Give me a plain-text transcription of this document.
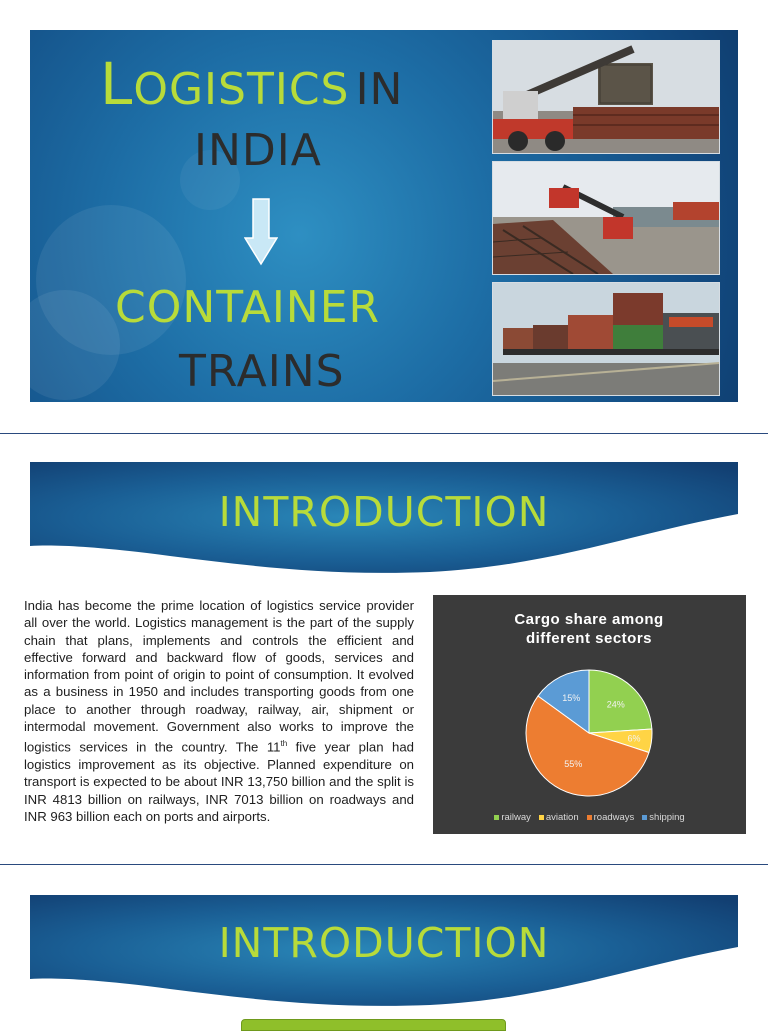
LOGISTICS IN
INDIA
CONTAINER
TRAINS
INTRODUCTION
India has become the prime location of logistics service provider all over the world. Logistics management is the part of the supply chain that plans, implements and controls the efficient and effective forward and backward flow of goods, services and information from point of origin to point of consumption. It evolved as a business in 1950 and includes transporting goods from one place to another through roadway, railway, air, shipment or intermodal movement. Government also works to improve the logistics services in the country. The 11th five year plan had logistics improvement as its objective. Planned expenditure on transport is expected to be about INR 13,750 billion and the split is INR 4813 billion on railways, INR 7013 billion on roadways and INR 963 billion each on ports and airports.
Cargo share among different sectors
24%
6%
55%
15%
railway aviation roadways shipping
INTRODUCTION
